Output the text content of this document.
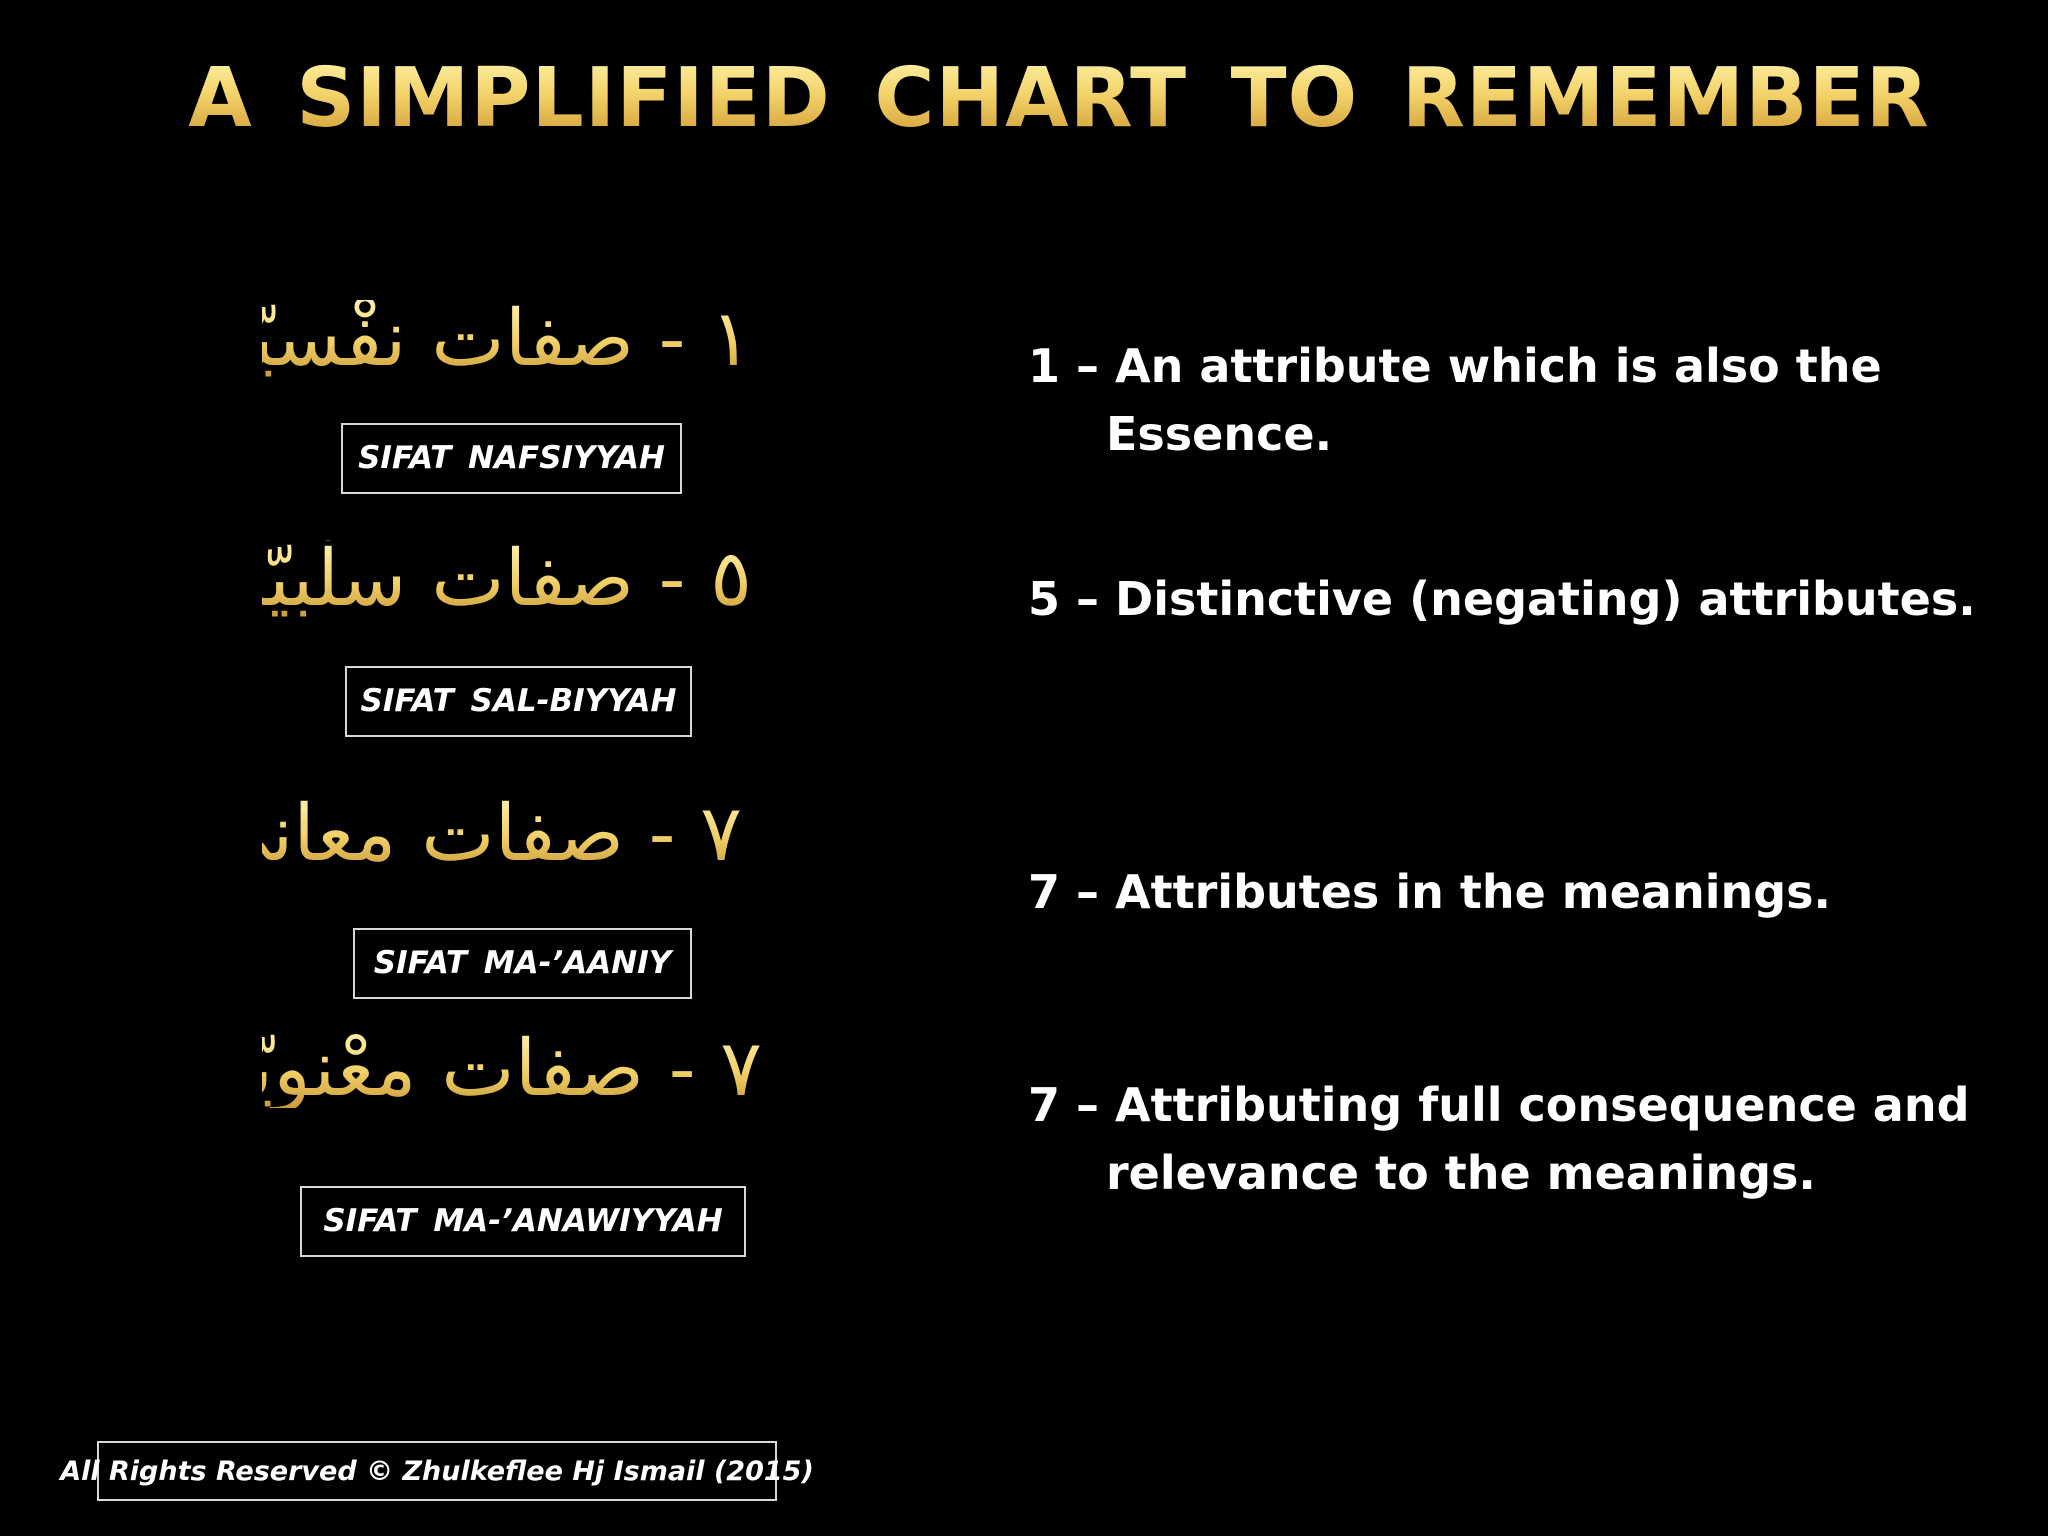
A SIMPLIFIED CHART TO REMEMBER
١ - صفات نفْسيّة
SIFAT NAFSIYYAH
1 – An attribute which is also the
Essence.
٥ - صفات سلْبيّة
SIFAT SAL-BIYYAH
5 – Distinctive (negating) attributes.
٧ - صفات معانيْ
SIFAT MA-’AANIY
7 – Attributes in the meanings.
٧ - صفات معْنويّة
SIFAT MA-’ANAWIYYAH
7 – Attributing full consequence and
relevance to the meanings.
All Rights Reserved © Zhulkeflee Hj Ismail (2015)
